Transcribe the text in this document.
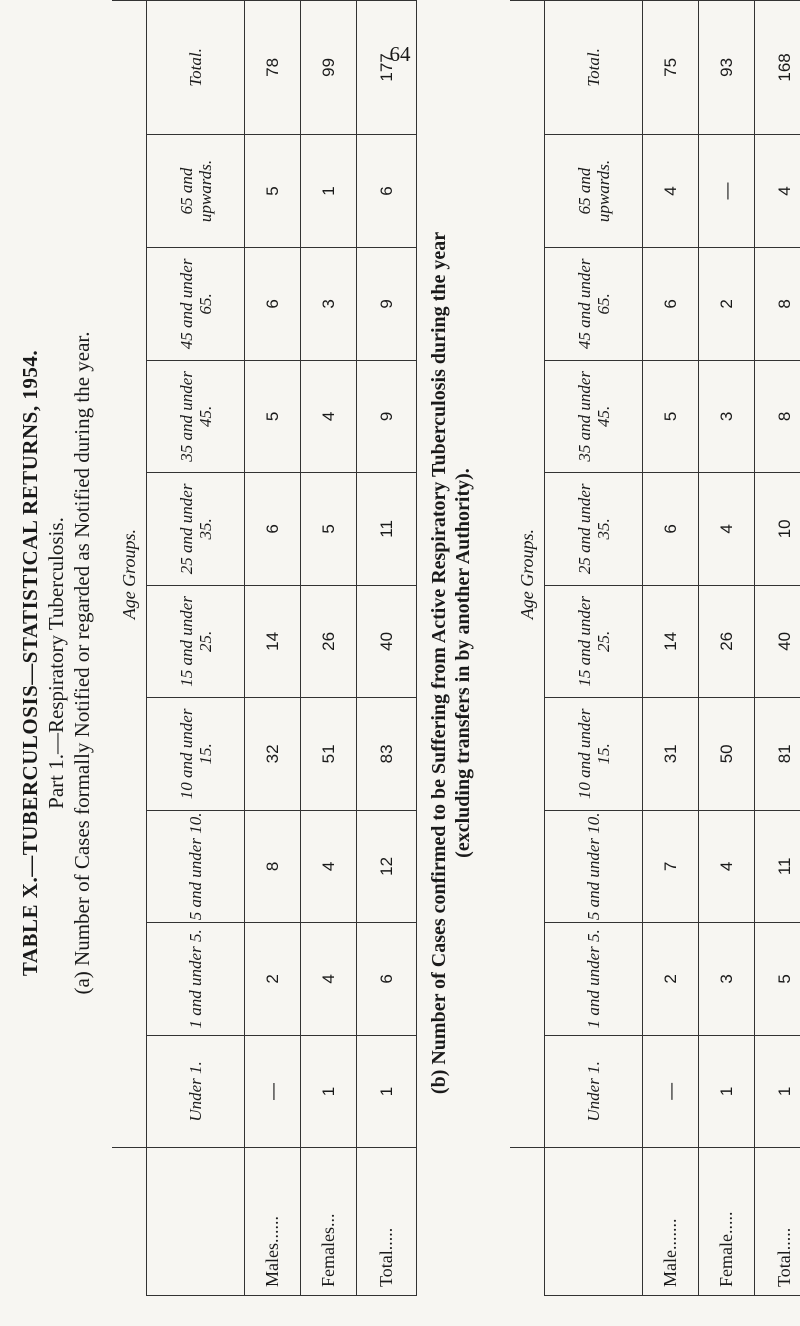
64
TABLE X.—TUBERCULOSIS—STATISTICAL RETURNS, 1954. Part 1.—Respiratory Tuberculosis. (a) Number of Cases formally Notified or regarded as Notified during the year.
	Age Groups.									
	Under 1.	1 and under 5.	5 and under 10.	10 and under 15.	15 and under 25.	25 and under 35.	35 and under 45.	45 and under 65.	65 and upwards.	Total.
Males......	—	2	8	32	14	6	5	6	5	78
Females...	1	4	4	51	26	5	4	3	1	99
Total.....	1	6	12	83	40	11	9	9	6	177
(b) Number of Cases confirmed to be Suffering from Active Respiratory Tuberculosis during the year (excluding transfers in by another Authority).
	Age Groups.									
	Under 1.	1 and under 5.	5 and under 10.	10 and under 15.	15 and under 25.	25 and under 35.	35 and under 45.	45 and under 65.	65 and upwards.	Total.
Male.......	—	2	7	31	14	6	5	6	4	75
Female.....	1	3	4	50	26	4	3	2	—	93
Total.....	1	5	11	81	40	10	8	8	4	168
